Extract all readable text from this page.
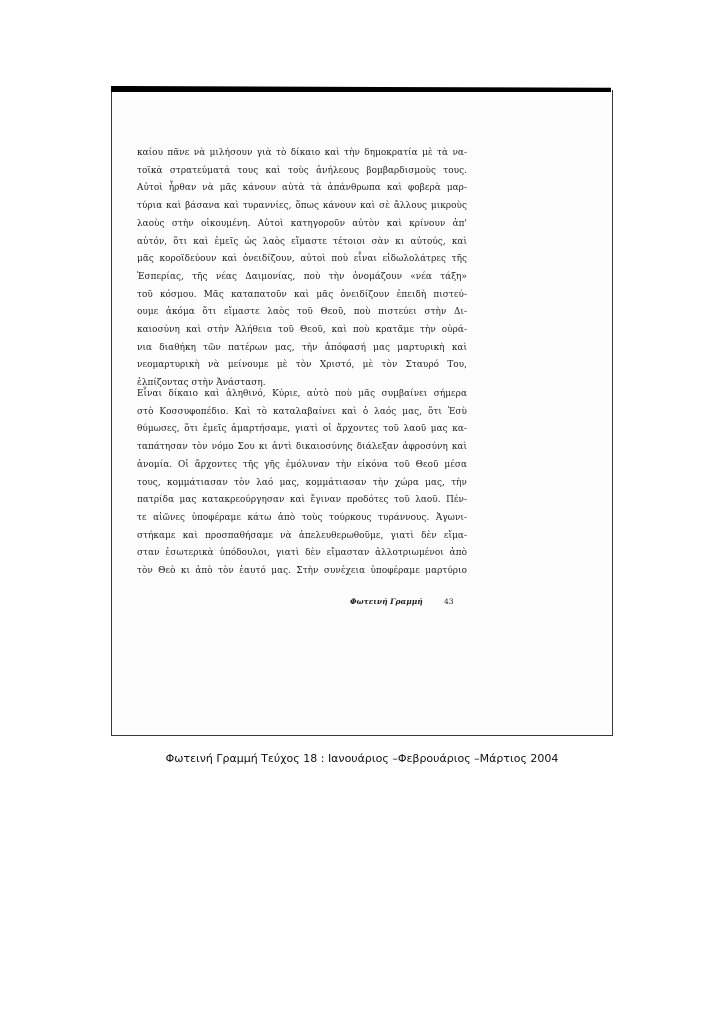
καίου πᾶνε νὰ μιλήσουν γιὰ τὸ δίκαιο καὶ τὴν δημοκρατία μὲ τὰ να-
τοϊκὰ στρατεύματά τους καὶ τοὺς ἀνήλεους βομβαρδισμοὺς τους.
Αὐτοὶ ἦρθαν νὰ μᾶς κάνουν αὐτὰ τὰ ἀπάνθρωπα καὶ φοβερὰ μαρ-
τύρια καὶ βάσανα καὶ τυραννίες, ὅπως κάνουν καὶ σὲ ἄλλους μικροὺς
λαοὺς στὴν οἰκουμένη. Αὐτοὶ κατηγοροῦν αὐτὸν καὶ κρίνουν ἀπ'
αὐτόν, ὅτι καὶ ἐμεῖς ὡς λαὸς εἴμαστε τέτοιοι σὰν κι αὐτούς, καὶ
μᾶς κοροϊδεύουν καὶ ὀνειδίζουν, αὐτοὶ ποὺ εἶναι εἰδωλολάτρες τῆς
Ἑσπερίας, τῆς νέας Δαιμονίας, ποὺ τὴν ὀνομάζουν «νέα τάξη»
τοῦ κόσμου. Μᾶς καταπατοῦν καὶ μᾶς ὀνειδίζουν ἐπειδὴ πιστεύ-
ουμε ἀκόμα ὅτι εἴμαστε λαὸς τοῦ Θεοῦ, ποὺ πιστεύει στὴν Δι-
καιοσύνη καὶ στὴν Ἀλήθεια τοῦ Θεοῦ, καὶ ποὺ κρατᾶμε τὴν οὐρά-
νια διαθήκη τῶν πατέρων μας, τὴν ἀπόφασή μας μαρτυρικὴ καὶ
νεομαρτυρικὴ νὰ μείνουμε μὲ τὸν Χριστό, μὲ τὸν Σταυρό Του,
ἐλπίζοντας στὴν Ἀνάσταση.
Εἶναι δίκαιο καὶ ἀληθινό, Κύριε, αὐτὸ ποὺ μᾶς συμβαίνει σήμερα
στὸ Κοσσυφοπέδιο. Καὶ τὸ καταλαβαίνει καὶ ὁ λαός μας, ὅτι Ἐσὺ
θύμωσες, ὅτι ἐμεῖς ἁμαρτήσαμε, γιατὶ οἱ ἄρχοντες τοῦ λαοῦ μας κα-
ταπάτησαν τὸν νόμο Σου κι ἀντὶ δικαιοσύνης διάλεξαν ἀφροσύνη καὶ
ἀνομία. Οἱ ἄρχοντες τῆς γῆς ἐμόλυναν τὴν εἰκόνα τοῦ Θεοῦ μέσα
τους, κομμάτιασαν τὸν λαό μας, κομμάτιασαν τὴν χώρα μας, τὴν
πατρίδα μας κατακρεούργησαν καὶ ἔγιναν προδότες τοῦ λαοῦ. Πέν-
τε αἰῶνες ὑποφέραμε κάτω ἀπὸ τοὺς τούρκους τυράννους. Ἀγωνι-
στήκαμε καὶ προσπαθήσαμε νὰ ἀπελευθερωθοῦμε, γιατὶ δὲν εἴμα-
σταν ἐσωτερικὰ ὑπόδουλοι, γιατὶ δὲν εἴμασταν ἀλλοτριωμένοι ἀπὸ
τὸν Θεὸ κι ἀπὸ τὸν ἑαυτό μας. Στὴν συνέχεια ὑποφέραμε μαρτύριο
Φωτεινή Γραμμή	43
Φωτεινή Γραμμή Τεύχος 18 : Ιανουάριος –Φεβρουάριος –Μάρτιος 2004
